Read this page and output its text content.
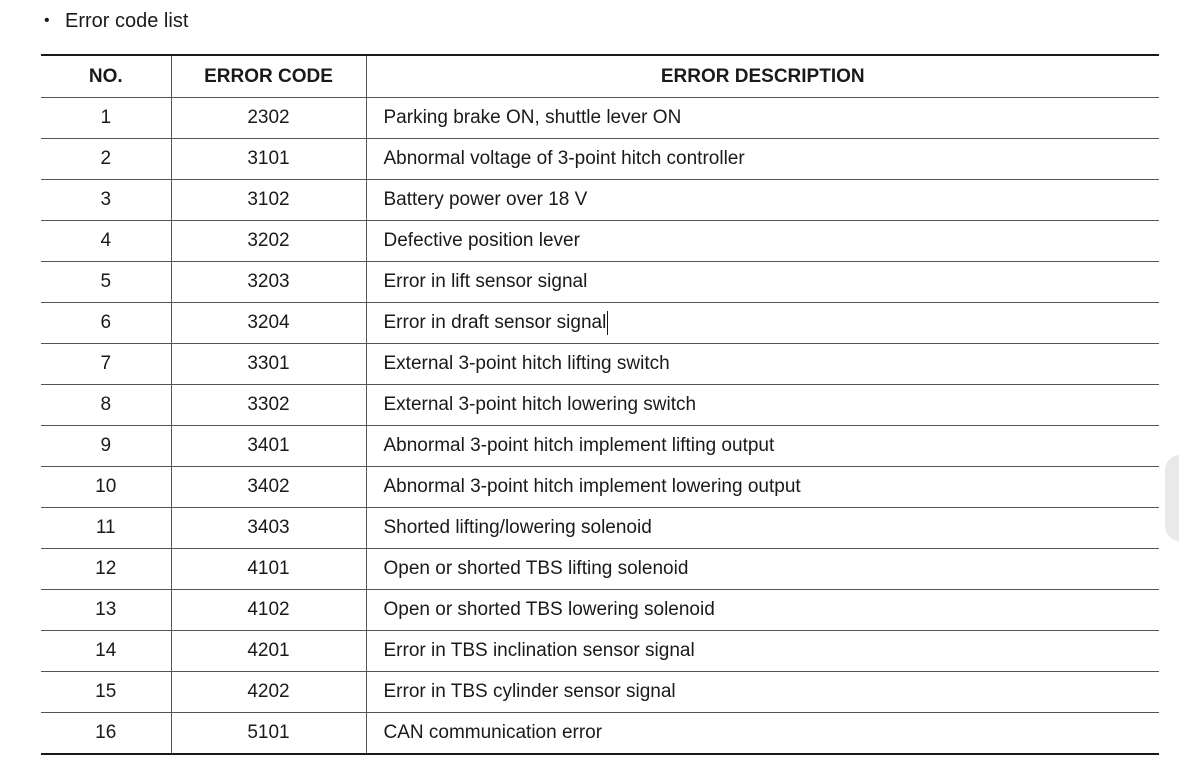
• Error code list
NO.	ERROR CODE	ERROR DESCRIPTION
1	2302	Parking brake ON, shuttle lever ON
2	3101	Abnormal voltage of 3-point hitch controller
3	3102	Battery power over 18 V
4	3202	Defective position lever
5	3203	Error in lift sensor signal
6	3204	Error in draft sensor signal
7	3301	External 3-point hitch lifting switch
8	3302	External 3-point hitch lowering switch
9	3401	Abnormal 3-point hitch implement lifting output
10	3402	Abnormal 3-point hitch implement lowering output
11	3403	Shorted lifting/lowering solenoid
12	4101	Open or shorted TBS lifting solenoid
13	4102	Open or shorted TBS lowering solenoid
14	4201	Error in TBS inclination sensor signal
15	4202	Error in TBS cylinder sensor signal
16	5101	CAN communication error
